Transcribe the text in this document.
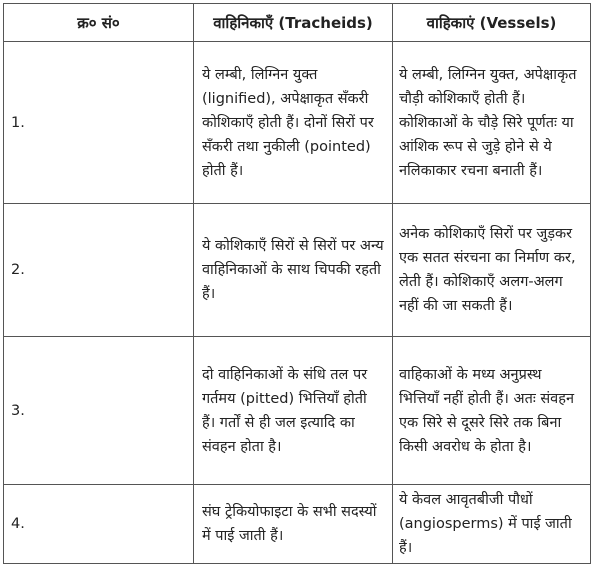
क्र० सं०	वाहिनिकाएँ (Tracheids)	वाहिकाएं (Vessels)
1.	ये लम्बी, लिग्निन युक्त (lignified), अपेक्षाकृत सँकरी कोशिकाएँ होती हैं। दोनों सिरों पर सँकरी तथा नुकीली (pointed) होती हैं।	ये लम्बी, लिग्निन युक्त, अपेक्षाकृत चौड़ी कोशिकाएँ होती हैं। कोशिकाओं के चौड़े सिरे पूर्णतः या आंशिक रूप से जुड़े होने से ये नलिकाकार रचना बनाती हैं।

2.	ये कोशिकाएँ सिरों से सिरों पर अन्य वाहिनिकाओं के साथ चिपकी रहती हैं।	अनेक कोशिकाएँ सिरों पर जुड़कर एक सतत संरचना का निर्माण कर, लेती हैं। कोशिकाएँ अलग-अलग नहीं की जा सकती हैं।

3.	दो वाहिनिकाओं के संधि तल पर गर्तमय (pitted) भित्तियाँ होती हैं। गर्तों से ही जल इत्यादि का संवहन होता है।	वाहिकाओं के मध्य अनुप्रस्थ भित्तियाँ नहीं होती हैं। अतः संवहन एक सिरे से दूसरे सिरे तक बिना किसी अवरोध के होता है।

4.	संघ ट्रेकियोफाइटा के सभी सदस्यों में पाई जाती हैं।	ये केवल आवृतबीजी पौधों (angiosperms) में पाई जाती हैं।
